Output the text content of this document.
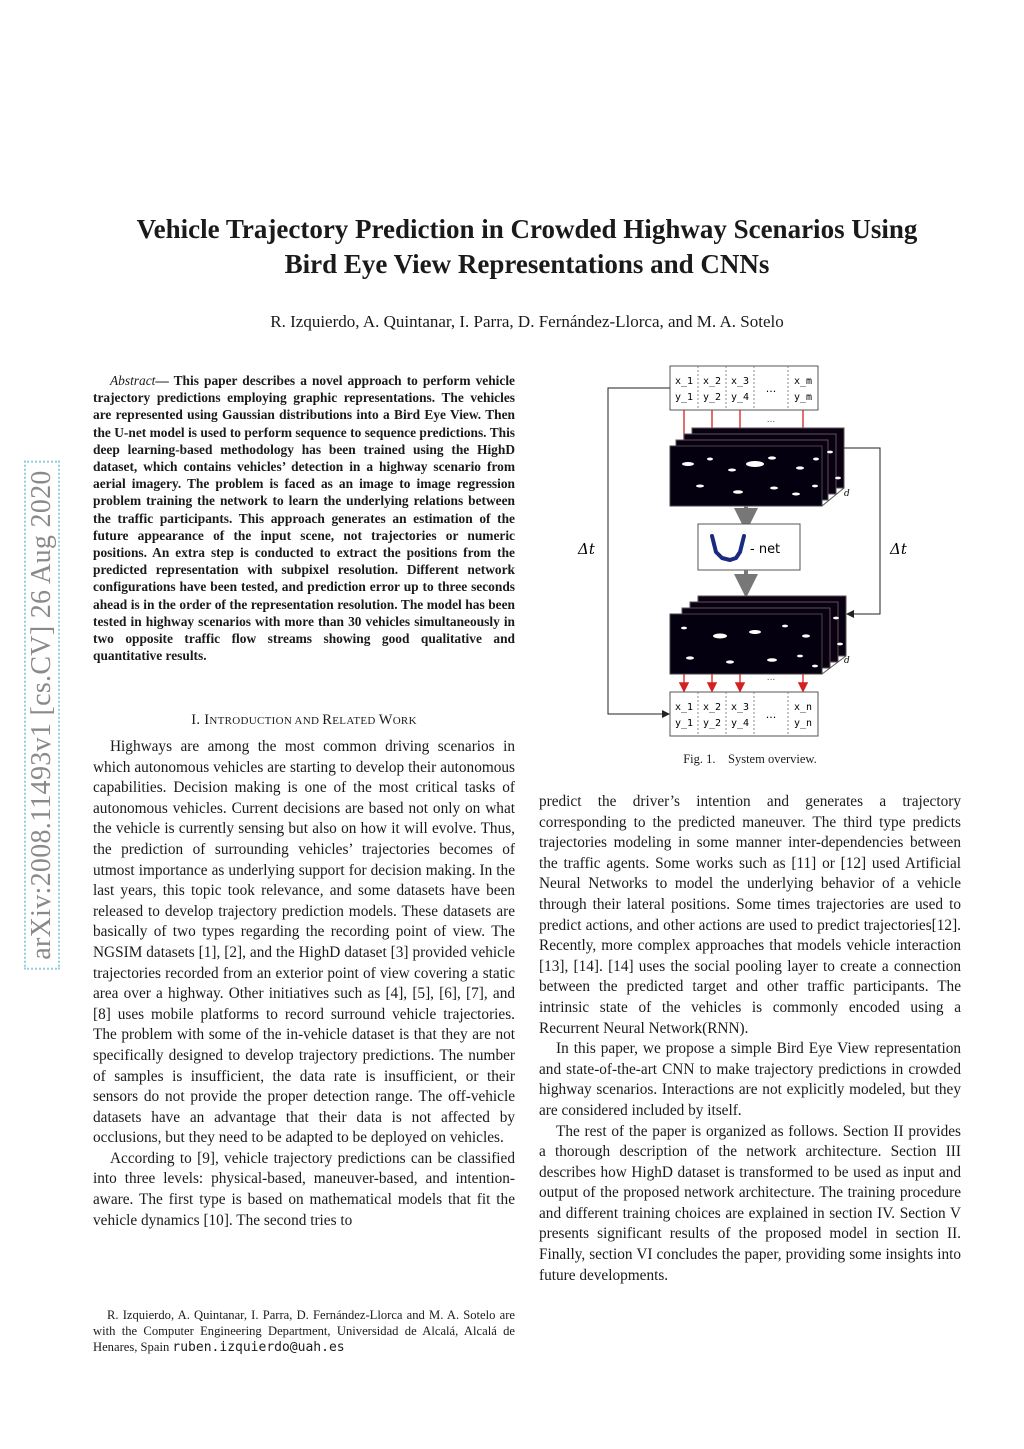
Vehicle Trajectory Prediction in Crowded Highway Scenarios Using
Bird Eye View Representations and CNNs
R. Izquierdo, A. Quintanar, I. Parra, D. Fernández-Llorca, and M. A. Sotelo
arXiv:2008.11493v1 [cs.CV] 26 Aug 2020
Abstract— This paper describes a novel approach to perform vehicle trajectory predictions employing graphic representations. The vehicles are represented using Gaussian distributions into a Bird Eye View. Then the U-net model is used to perform sequence to sequence predictions. This deep learning-based methodology has been trained using the HighD dataset, which contains vehicles’ detection in a highway scenario from aerial imagery. The problem is faced as an image to image regression problem training the network to learn the underlying relations between the traffic participants. This approach generates an estimation of the future appearance of the input scene, not trajectories or numeric positions. An extra step is conducted to extract the positions from the predicted representation with subpixel resolution. Different network configurations have been tested, and prediction error up to three seconds ahead is in the order of the representation resolution. The model has been tested in highway scenarios with more than 30 vehicles simultaneously in two opposite traffic flow streams showing good qualitative and quantitative results.
I. INTRODUCTION AND RELATED WORK

Highways are among the most common driving scenarios in which autonomous vehicles are starting to develop their autonomous capabilities. Decision making is one of the most critical tasks of autonomous vehicles. Current decisions are based not only on what the vehicle is currently sensing but also on how it will evolve. Thus, the prediction of surrounding vehicles’ trajectories becomes of utmost importance as underlying support for decision making. In the last years, this topic took relevance, and some datasets have been released to develop trajectory prediction models. These datasets are basically of two types regarding the recording point of view. The NGSIM datasets [1], [2], and the HighD dataset [3] provided vehicle trajectories recorded from an exterior point of view covering a static area over a highway. Other initiatives such as [4], [5], [6], [7], and [8] uses mobile platforms to record surround vehicle trajectories. The problem with some of the in-vehicle dataset is that they are not specifically designed to develop trajectory predictions. The number of samples is insufficient, the data rate is insufficient, or their sensors do not provide the proper detection range. The off-vehicle datasets have an advantage that their data is not affected by occlusions, but they need to be adapted to be deployed on vehicles.

According to [9], vehicle trajectory predictions can be classified into three levels: physical-based, maneuver-based, and intention-aware. The first type is based on mathematical models that fit the vehicle dynamics [10]. The second tries to

R. Izquierdo, A. Quintanar, I. Parra, D. Fernández-Llorca and M. A. Sotelo are with the Computer Engineering Department, Universidad de Alcalá, Alcalá de Henares, Spain ruben.izquierdo@uah.es

predict the driver’s intention and generates a trajectory corresponding to the predicted maneuver. The third type predicts trajectories modeling in some manner inter-dependencies between the traffic agents. Some works such as [11] or [12] used Artificial Neural Networks to model the underlying behavior of a vehicle through their lateral positions. Some times trajectories are used to predict actions, and other actions are used to predict trajectories[12]. Recently, more complex approaches that models vehicle interaction [13], [14]. [14] uses the social pooling layer to create a connection between the predicted target and other traffic participants. The intrinsic state of the vehicles is commonly encoded using a Recurrent Neural Network(RNN).

In this paper, we propose a simple Bird Eye View representation and state-of-the-art CNN to make trajectory predictions in crowded highway scenarios. Interactions are not explicitly modeled, but they are considered included by itself.

The rest of the paper is organized as follows. Section II provides a thorough description of the network architecture. Section III describes how HighD dataset is transformed to be used as input and output of the proposed network architecture. The training procedure and different training choices are explained in section IV. Section V presents significant results of the proposed model in section II. Finally, section VI concludes the paper, providing some insights into future developments.

x_1 x_2 x_3	x_m
y_1 y_2 y_4	y_m
...
...
d
- net
d
...
x_1 x_2 x_3	x_n
y_1 y_2 y_4	y_n
...
Δt	Δt
Fig. 1. System overview.
